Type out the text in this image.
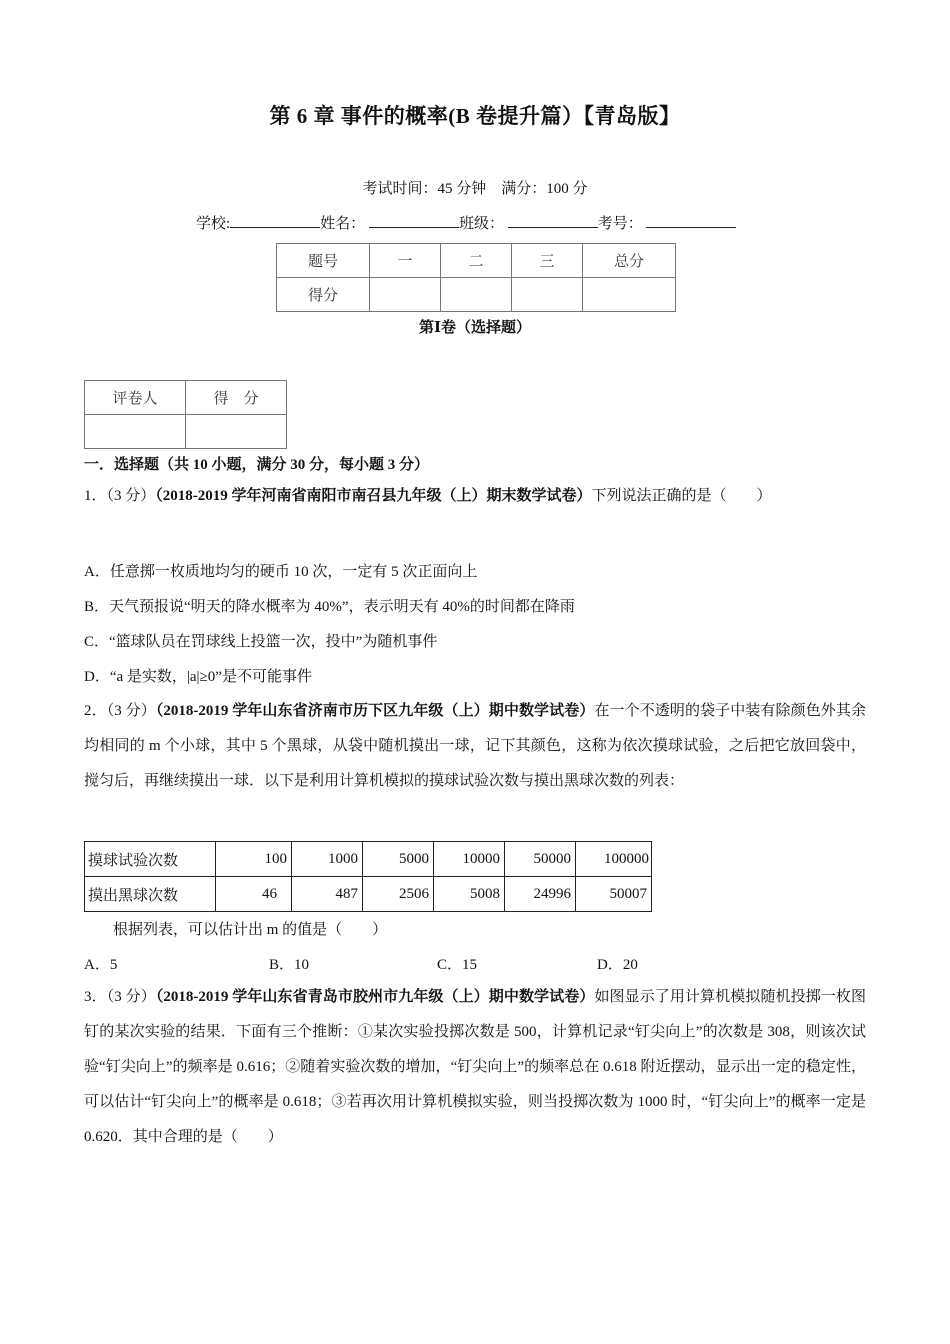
第 6 章 事件的概率(B 卷提升篇）【青岛版】
考试时间：45 分钟 满分：100 分
学校:	姓名：	班级：	考号：
题号	一	二	三	总分
得分				
第Ⅰ卷（选择题）
评卷人	得　分

一．选择题（共 10 小题，满分 30 分，每小题 3 分）
1．（3 分）（2018-2019 学年河南省南阳市南召县九年级（上）期末数学试卷）下列说法正确的是（　　）
A．任意掷一枚质地均匀的硬币 10 次，一定有 5 次正面向上
B．天气预报说“明天的降水概率为 40%”，表示明天有 40%的时间都在降雨
C．“篮球队员在罚球线上投篮一次，投中”为随机事件
D．“a 是实数，|a|≥0”是不可能事件
2．（3 分）（2018-2019 学年山东省济南市历下区九年级（上）期中数学试卷）在一个不透明的袋子中装有除颜色外其余均相同的 m 个小球，其中 5 个黑球，从袋中随机摸出一球，记下其颜色，这称为依次摸球试验，之后把它放回袋中，搅匀后，再继续摸出一球．以下是利用计算机模拟的摸球试验次数与摸出黑球次数的列表：
摸球试验次数	100	1000	5000	10000	50000	100000
摸出黑球次数	46	487	2506	5008	24996	50007
根据列表，可以估计出 m 的值是（　　）
A．5	B．10	C．15	D．20
3．（3 分）（2018-2019 学年山东省青岛市胶州市九年级（上）期中数学试卷）如图显示了用计算机模拟随机投掷一枚图钉的某次实验的结果．下面有三个推断：①某次实验投掷次数是 500，计算机记录“钉尖向上”的次数是 308，则该次试验“钉尖向上”的频率是 0.616；②随着实验次数的增加，“钉尖向上”的频率总在 0.618 附近摆动，显示出一定的稳定性，可以估计“钉尖向上”的概率是 0.618；③若再次用计算机模拟实验，则当投掷次数为 1000 时，“钉尖向上”的概率一定是 0.620．其中合理的是（　　）
